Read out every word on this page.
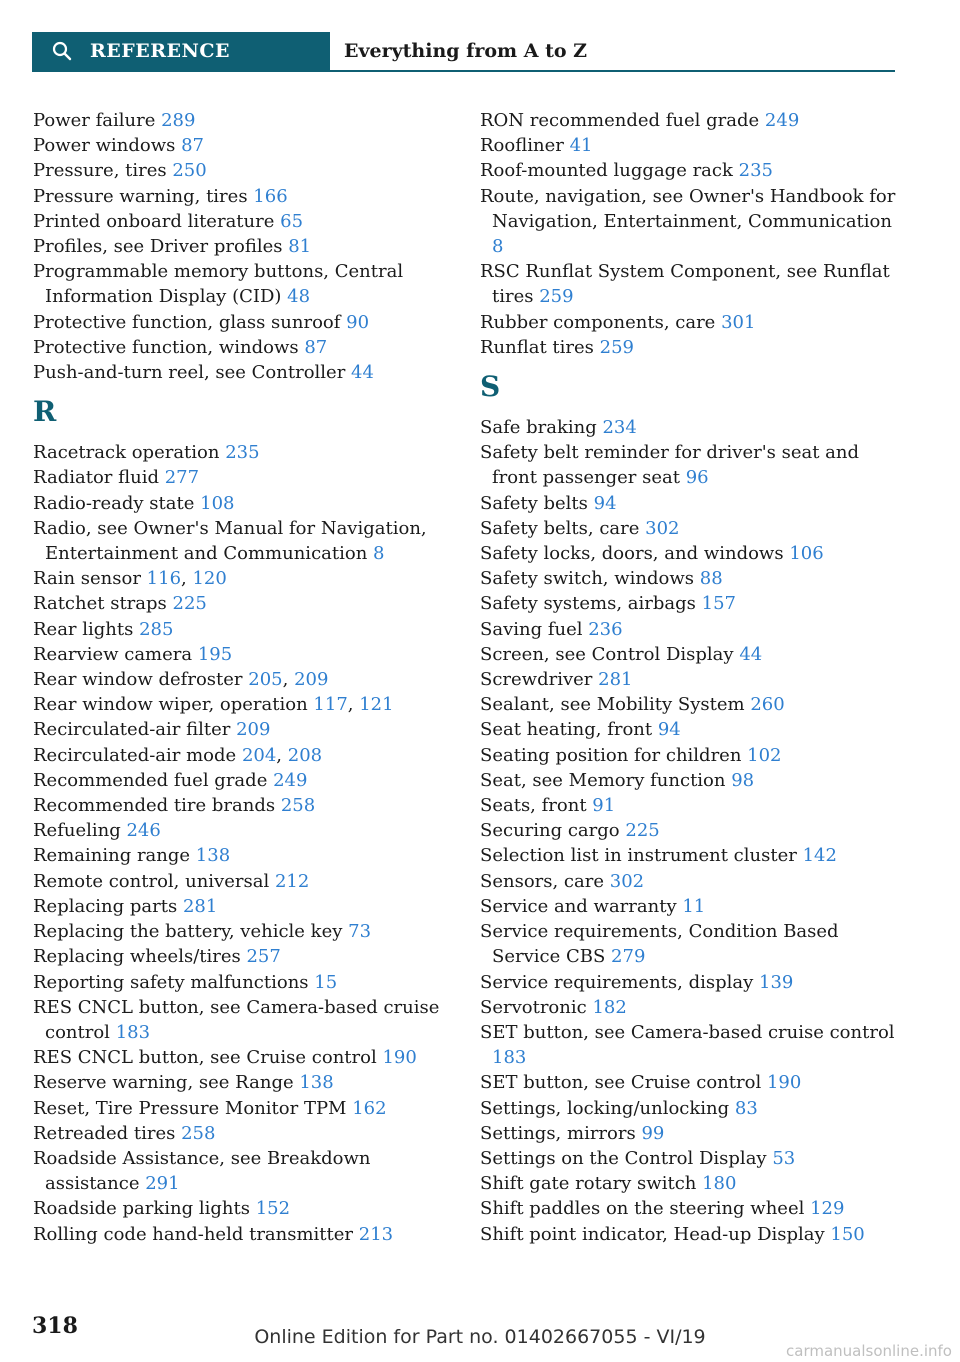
REFERENCE	Everything from A to Z
Power failure 289
Power windows 87
Pressure, tires 250
Pressure warning, tires 166
Printed onboard literature 65
Profiles, see Driver profiles 81
Programmable memory buttons, Central Information Display (CID) 48
Protective function, glass sunroof 90
Protective function, windows 87
Push-and-turn reel, see Controller 44
R
Racetrack operation 235
Radiator fluid 277
Radio-ready state 108
Radio, see Owner's Manual for Navigation, Entertainment and Communication 8
Rain sensor 116, 120
Ratchet straps 225
Rear lights 285
Rearview camera 195
Rear window defroster 205, 209
Rear window wiper, operation 117, 121
Recirculated-air filter 209
Recirculated-air mode 204, 208
Recommended fuel grade 249
Recommended tire brands 258
Refueling 246
Remaining range 138
Remote control, universal 212
Replacing parts 281
Replacing the battery, vehicle key 73
Replacing wheels/tires 257
Reporting safety malfunctions 15
RES CNCL button, see Camera-based cruise control 183
RES CNCL button, see Cruise control 190
Reserve warning, see Range 138
Reset, Tire Pressure Monitor TPM 162
Retreaded tires 258
Roadside Assistance, see Breakdown assistance 291
Roadside parking lights 152
Rolling code hand-held transmitter 213
RON recommended fuel grade 249
Roofliner 41
Roof-mounted luggage rack 235
Route, navigation, see Owner's Handbook for Navigation, Entertainment, Communication 8
RSC Runflat System Component, see Runflat tires 259
Rubber components, care 301
Runflat tires 259
S
Safe braking 234
Safety belt reminder for driver's seat and front passenger seat 96
Safety belts 94
Safety belts, care 302
Safety locks, doors, and windows 106
Safety switch, windows 88
Safety systems, airbags 157
Saving fuel 236
Screen, see Control Display 44
Screwdriver 281
Sealant, see Mobility System 260
Seat heating, front 94
Seating position for children 102
Seat, see Memory function 98
Seats, front 91
Securing cargo 225
Selection list in instrument cluster 142
Sensors, care 302
Service and warranty 11
Service requirements, Condition Based Service CBS 279
Service requirements, display 139
Servotronic 182
SET button, see Camera-based cruise control 183
SET button, see Cruise control 190
Settings, locking/unlocking 83
Settings, mirrors 99
Settings on the Control Display 53
Shift gate rotary switch 180
Shift paddles on the steering wheel 129
Shift point indicator, Head-up Display 150
318	Online Edition for Part no. 01402667055 - VI/19
carmanualsonline.info
